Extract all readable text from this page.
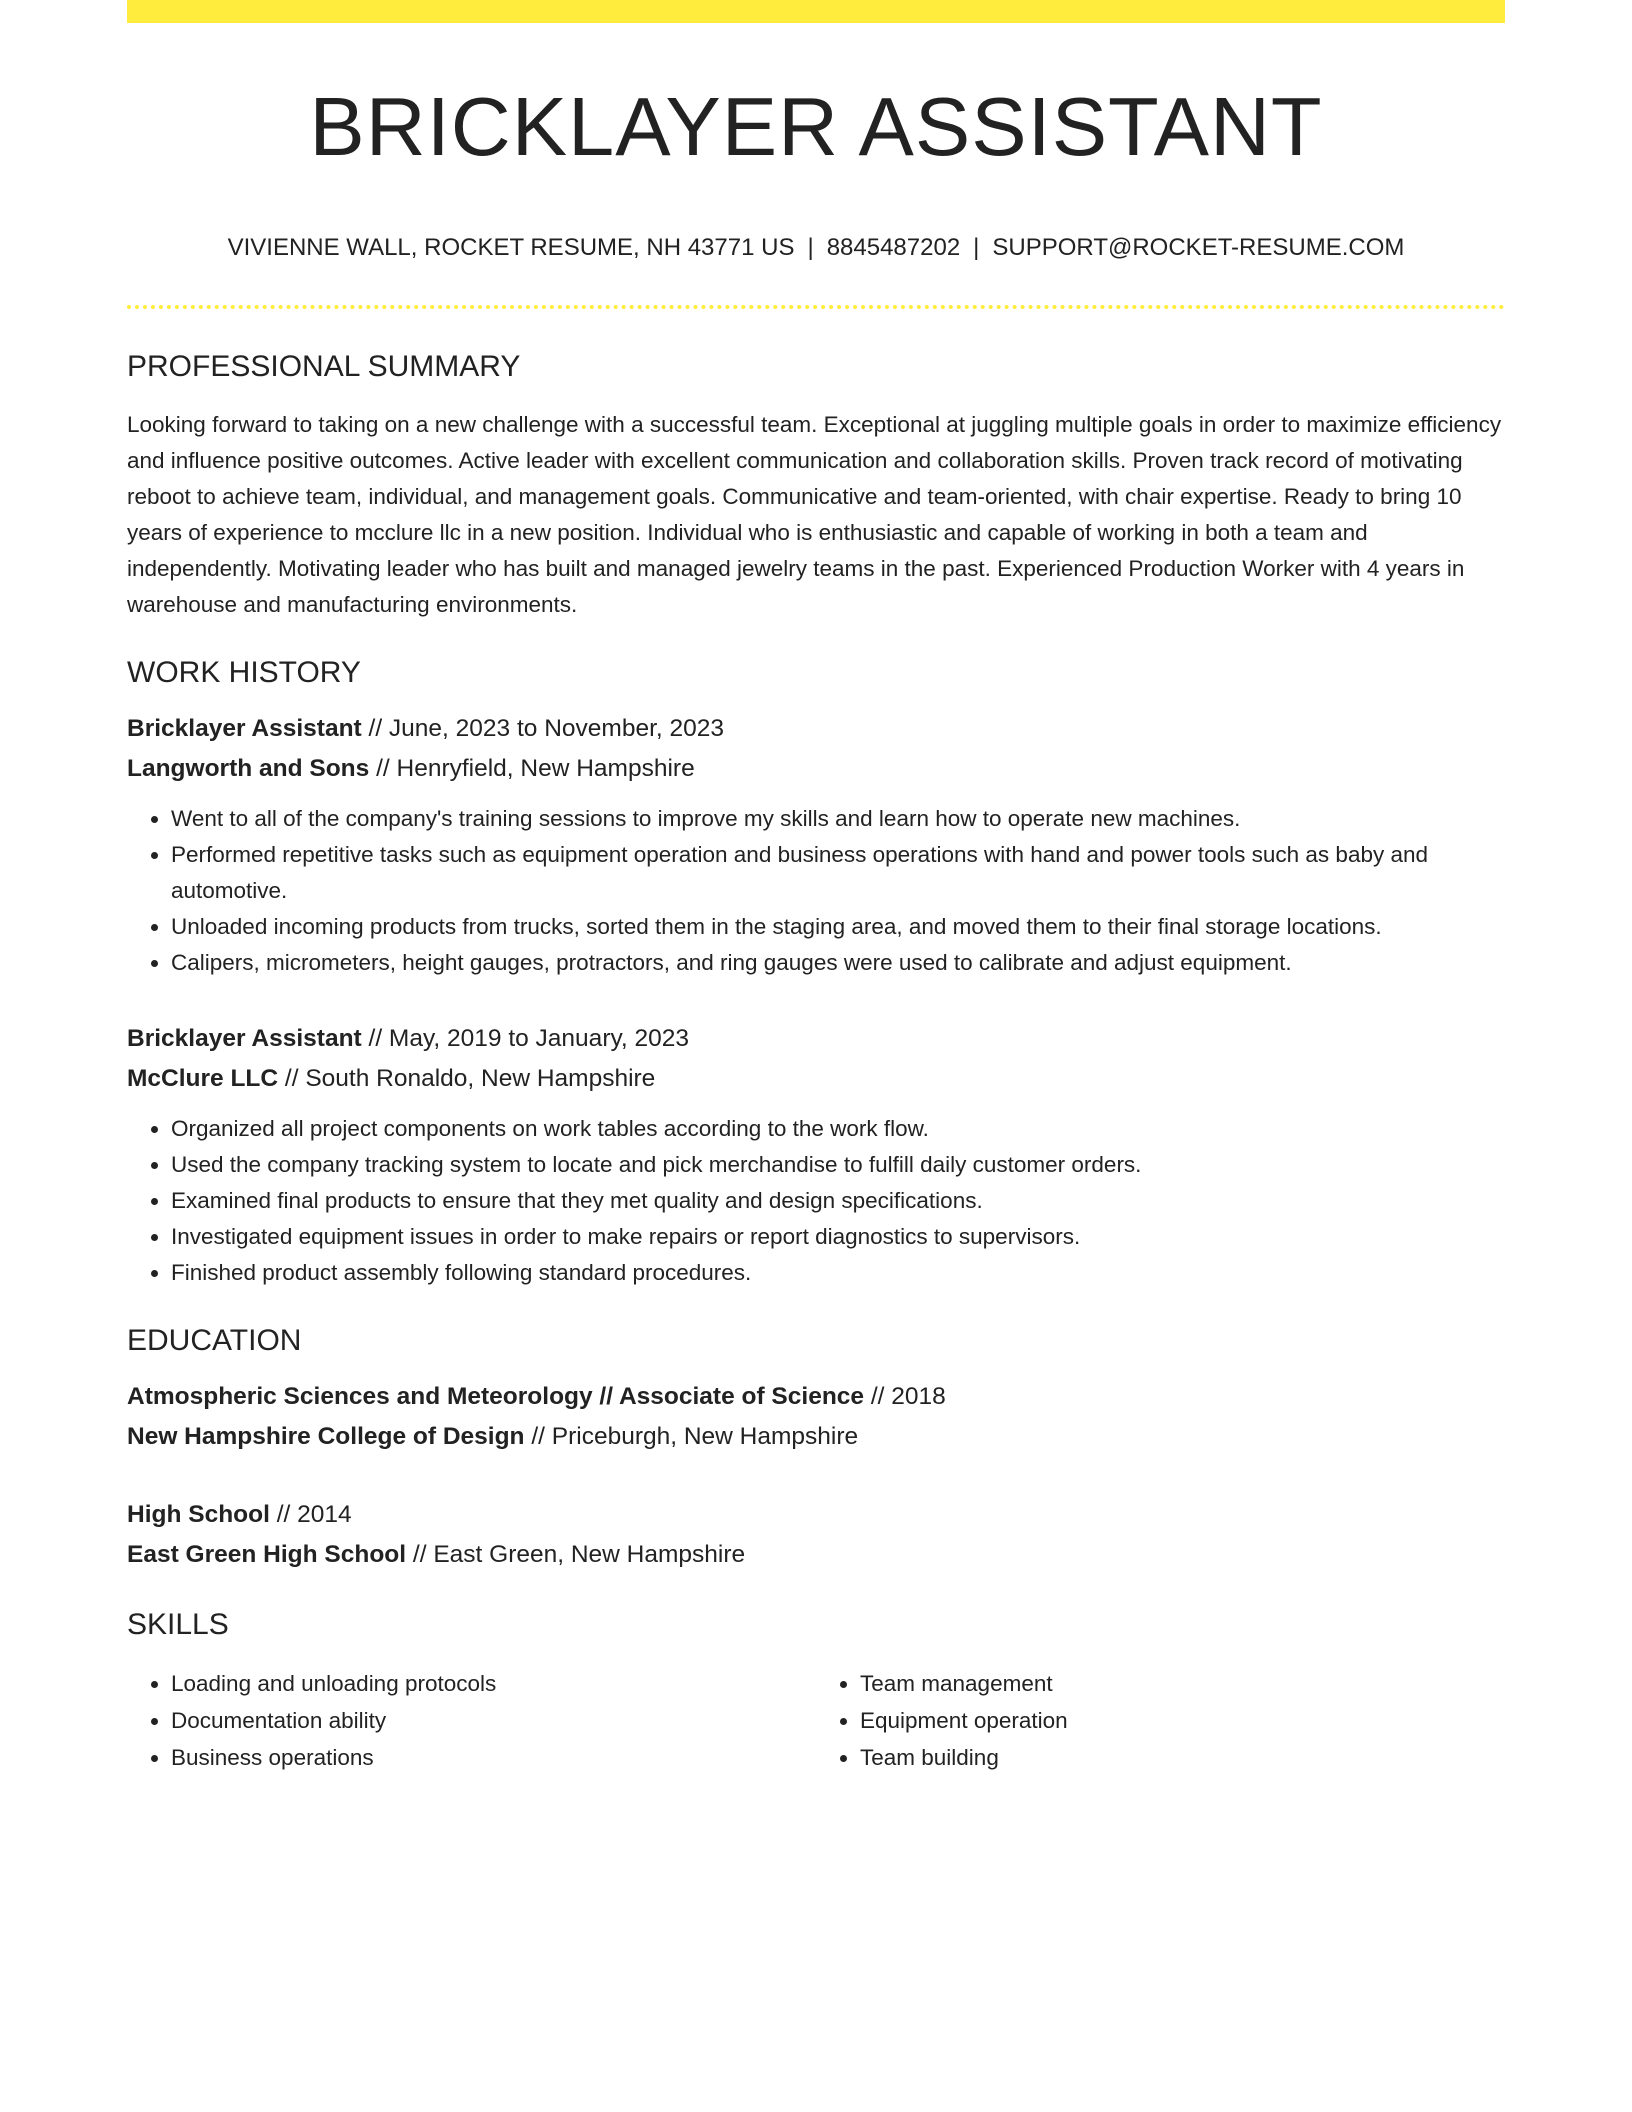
BRICKLAYER ASSISTANT
VIVIENNE WALL, ROCKET RESUME, NH 43771 US | 8845487202 | SUPPORT@ROCKET-RESUME.COM
PROFESSIONAL SUMMARY

Looking forward to taking on a new challenge with a successful team. Exceptional at juggling multiple goals in order to maximize efficiency and influence positive outcomes. Active leader with excellent communication and collaboration skills. Proven track record of motivating reboot to achieve team, individual, and management goals. Communicative and team-oriented, with chair expertise. Ready to bring 10 years of experience to mcclure llc in a new position. Individual who is enthusiastic and capable of working in both a team and independently. Motivating leader who has built and managed jewelry teams in the past. Experienced Production Worker with 4 years in warehouse and manufacturing environments.

WORK HISTORY
Bricklayer Assistant // June, 2023 to November, 2023
Langworth and Sons // Henryfield, New Hampshire
• Went to all of the company's training sessions to improve my skills and learn how to operate new machines.
• Performed repetitive tasks such as equipment operation and business operations with hand and power tools such as baby and automotive.
• Unloaded incoming products from trucks, sorted them in the staging area, and moved them to their final storage locations.
• Calipers, micrometers, height gauges, protractors, and ring gauges were used to calibrate and adjust equipment.
Bricklayer Assistant // May, 2019 to January, 2023
McClure LLC // South Ronaldo, New Hampshire
• Organized all project components on work tables according to the work flow.
• Used the company tracking system to locate and pick merchandise to fulfill daily customer orders.
• Examined final products to ensure that they met quality and design specifications.
• Investigated equipment issues in order to make repairs or report diagnostics to supervisors.
• Finished product assembly following standard procedures.
EDUCATION
Atmospheric Sciences and Meteorology // Associate of Science // 2018
New Hampshire College of Design // Priceburgh, New Hampshire
High School // 2014
East Green High School // East Green, New Hampshire
SKILLS
• Loading and unloading protocols
• Documentation ability
• Business operations
• Team management
• Equipment operation
• Team building
